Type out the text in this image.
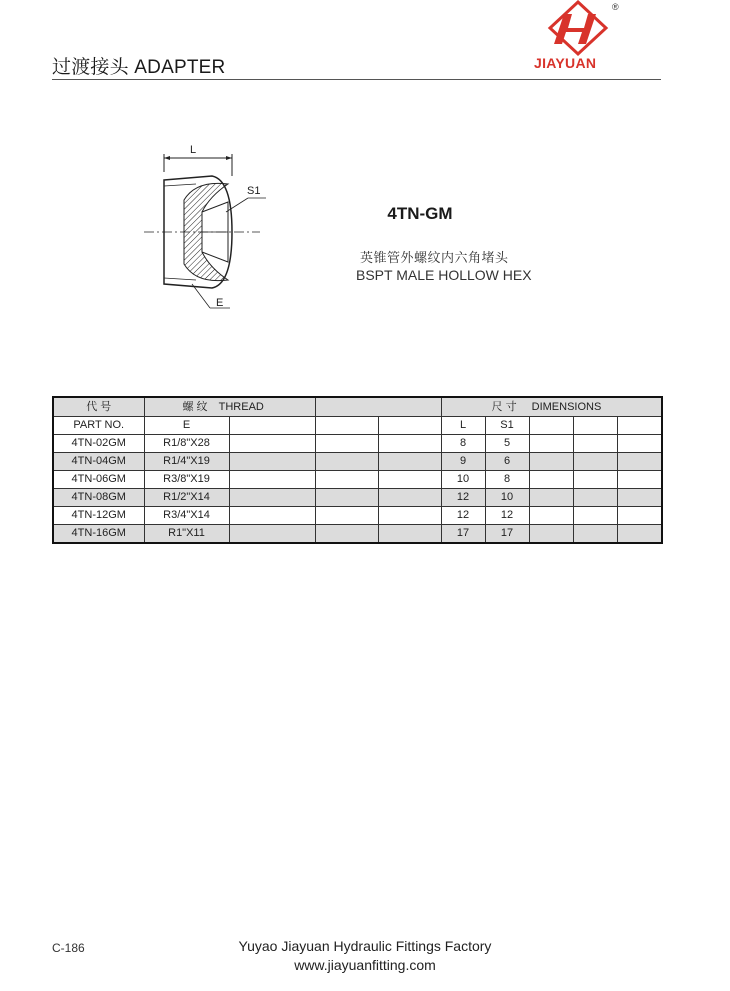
过渡接头 ADAPTER
®
JIAYUAN
L
S1
E
4TN-GM
英锥管外螺纹内六角堵头
BSPT MALE HOLLOW HEX
代 号	螺 纹 THREAD				尺 寸 DIMENSIONS				
PART NO.	E				L	S1			
4TN-02GM	R1/8"X28				8	5			
4TN-04GM	R1/4"X19				9	6			
4TN-06GM	R3/8"X19				10	8			
4TN-08GM	R1/2"X14				12	10			
4TN-12GM	R3/4"X14				12	12			
4TN-16GM	R1"X11				17	17			
C-186	Yuyao Jiayuan Hydraulic Fittings Factory
www.jiayuanfitting.com
